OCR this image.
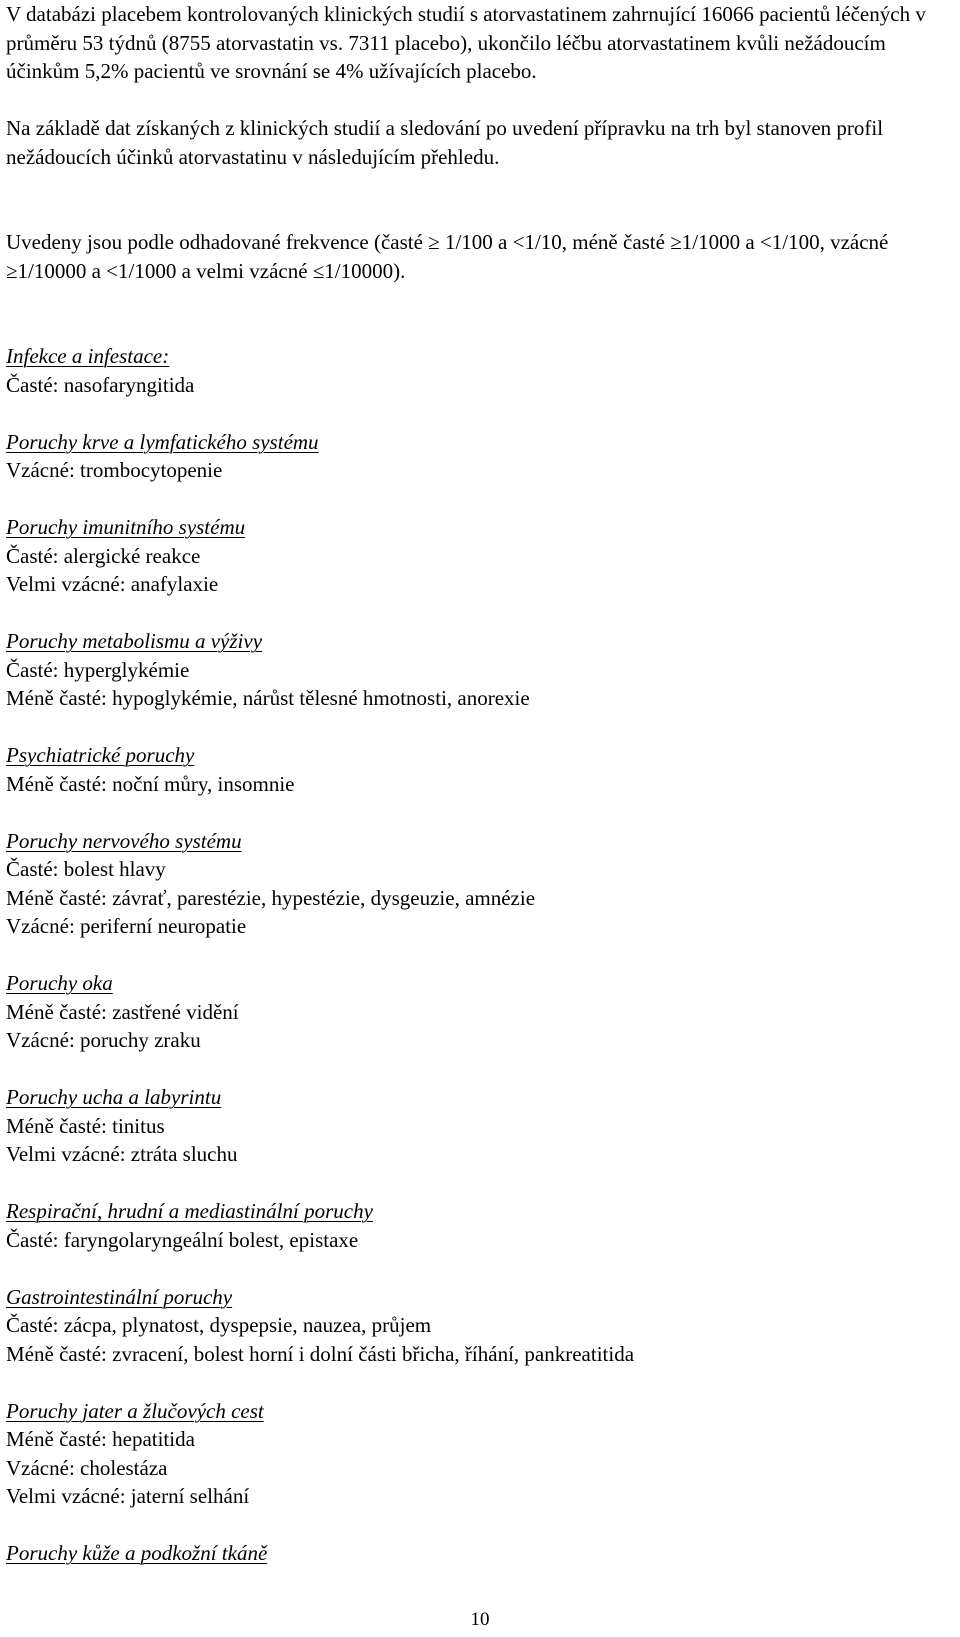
V databázi placebem kontrolovaných klinických studií s atorvastatinem zahrnující 16066 pacientů léčených v průměru 53 týdnů (8755 atorvastatin vs. 7311 placebo), ukončilo léčbu atorvastatinem kvůli nežádoucím účinkům 5,2% pacientů ve srovnání se 4% užívajících placebo.

Na základě dat získaných z klinických studií a sledování po uvedení přípravku na trh byl stanoven profil nežádoucích účinků atorvastatinu v následujícím přehledu.

Uvedeny jsou podle odhadované frekvence (časté ≥ 1/100 a <1/10, méně časté ≥1/1000 a <1/100, vzácné ≥1/10000 a <1/1000 a velmi vzácné ≤1/10000).

Infekce a infestace:
Časté: nasofaryngitida
Poruchy krve a lymfatického systému
Vzácné: trombocytopenie
Poruchy imunitního systému
Časté: alergické reakce
Velmi vzácné: anafylaxie
Poruchy metabolismu a výživy
Časté: hyperglykémie
Méně časté: hypoglykémie, nárůst tělesné hmotnosti, anorexie
Psychiatrické poruchy
Méně časté: noční můry, insomnie
Poruchy nervového systému
Časté: bolest hlavy
Méně časté: závrať, parestézie, hypestézie, dysgeuzie, amnézie
Vzácné: periferní neuropatie
Poruchy oka
Méně časté: zastřené vidění
Vzácné: poruchy zraku
Poruchy ucha a labyrintu
Méně časté: tinitus
Velmi vzácné: ztráta sluchu
Respirační, hrudní a mediastinální poruchy
Časté: faryngolaryngeální bolest, epistaxe
Gastrointestinální poruchy
Časté: zácpa, plynatost, dyspepsie, nauzea, průjem
Méně časté: zvracení, bolest horní i dolní části břicha, říhání, pankreatitida
Poruchy jater a žlučových cest
Méně časté: hepatitida
Vzácné: cholestáza
Velmi vzácné: jaterní selhání
Poruchy kůže a podkožní tkáně
10
